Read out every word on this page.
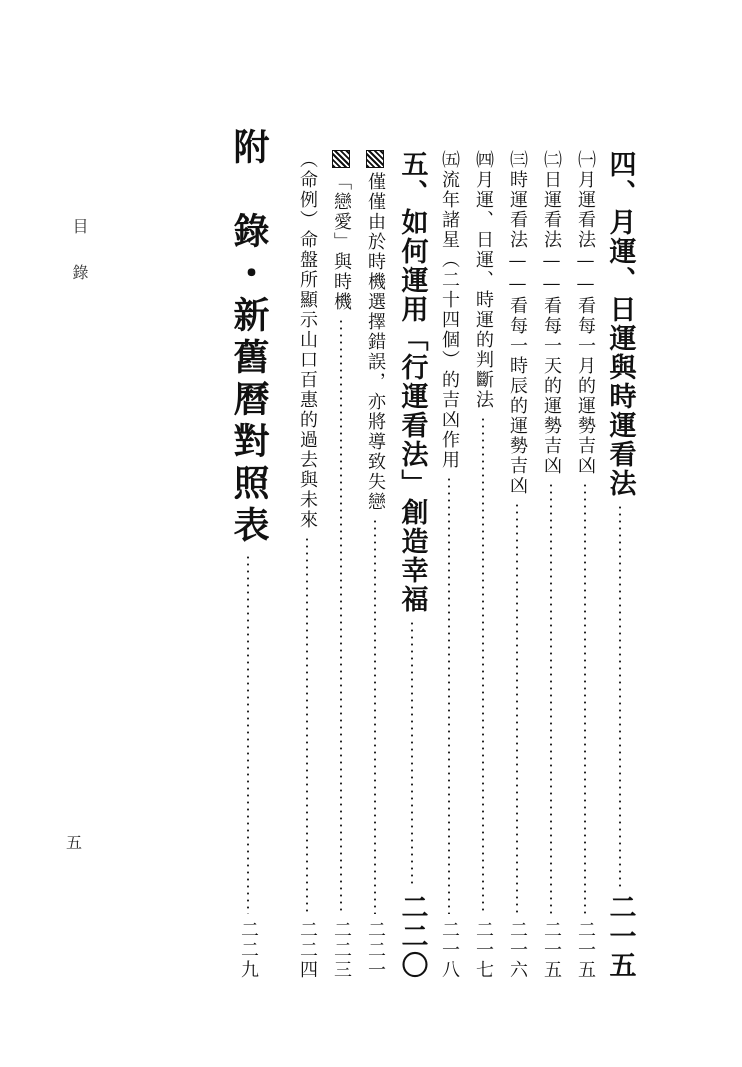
目錄
五
四、月運、日運與時運看法
二一五
㈠月運看法——看每一月的運勢吉凶
二一五
㈡日運看法——看每一天的運勢吉凶
二一五
㈢時運看法——看每一時辰的運勢吉凶
二一六
㈣月運、日運、時運的判斷法
二一七
㈤流年諸星（二十四個）的吉凶作用
二一八
五、如何運用「行運看法」創造幸福
二二〇
僅僅由於時機選擇錯誤，亦將導致失戀
二二一
「戀愛」與時機
二二三
（命例）命盤所顯示山口百惠的過去與未來
二二四
附　錄・新舊曆對照表
二二九
